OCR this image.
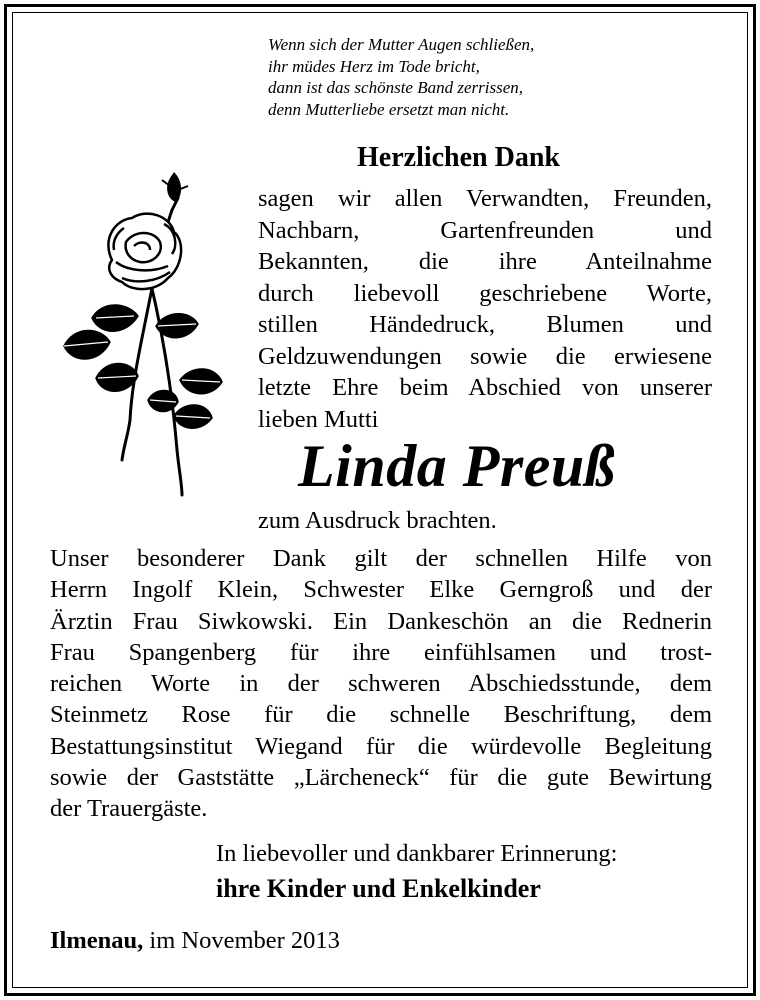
Wenn sich der Mutter Augen schließen,
ihr müdes Herz im Tode bricht,
dann ist das schönste Band zerrissen,
denn Mutterliebe ersetzt man nicht.
Herzlichen Dank
sagen wir allen Verwandten, Freunden,
Nachbarn, Gartenfreunden und
Bekannten, die ihre Anteilnahme
durch liebevoll geschriebene Worte,
stillen Händedruck, Blumen und
Geldzuwendungen sowie die erwiesene
letzte Ehre beim Abschied von unserer
lieben Mutti
Linda Preuß
zum Ausdruck brachten.
Unser besonderer Dank gilt der schnellen Hilfe von
Herrn Ingolf Klein, Schwester Elke Gerngroß und der
Ärztin Frau Siwkowski. Ein Dankeschön an die Rednerin
Frau Spangenberg für ihre einfühlsamen und trost-
reichen Worte in der schweren Abschiedsstunde, dem
Steinmetz Rose für die schnelle Beschriftung, dem
Bestattungsinstitut Wiegand für die würdevolle Begleitung
sowie der Gaststätte „Lärcheneck“ für die gute Bewirtung
der Trauergäste.
In liebevoller und dankbarer Erinnerung:
ihre Kinder und Enkelkinder
Ilmenau, im November 2013
